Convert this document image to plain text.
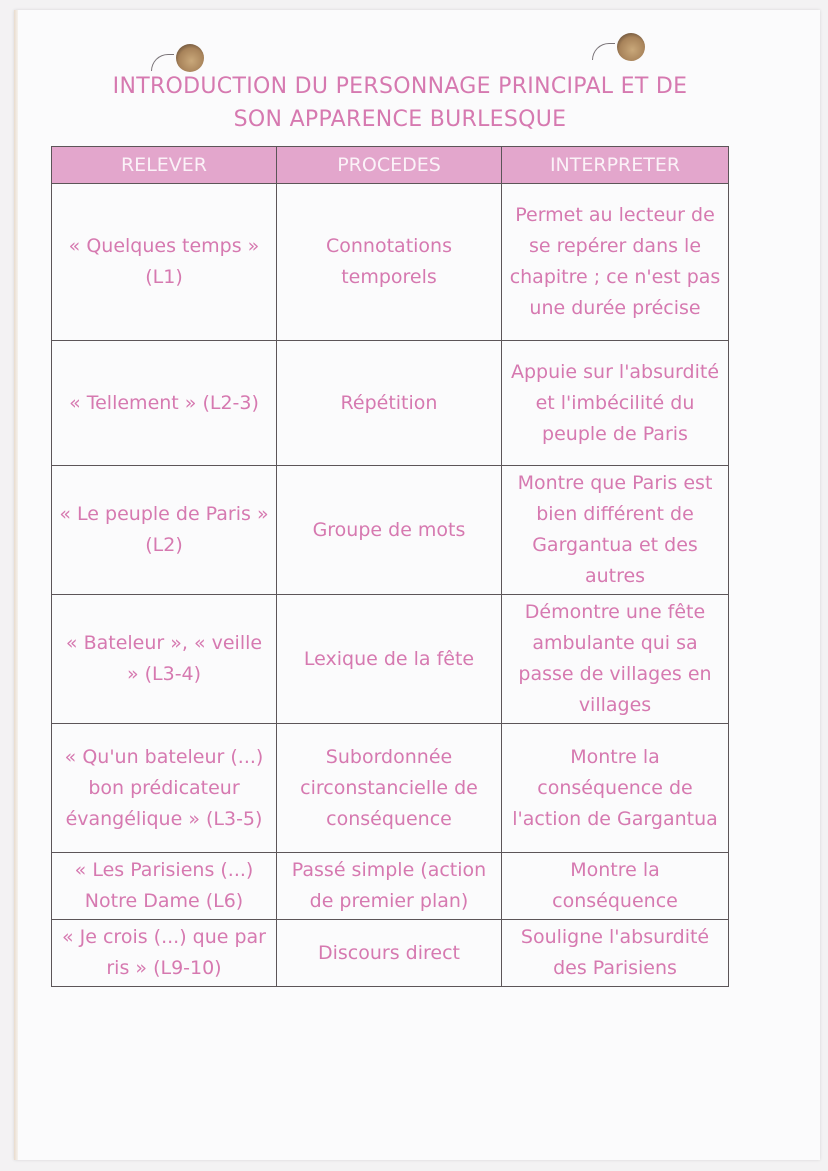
INTRODUCTION DU PERSONNAGE PRINCIPAL ET DE
SON APPARENCE BURLESQUE
RELEVER	PROCEDES	INTERPRETER
« Quelques temps » (L1)	Connotations temporels	Permet au lecteur de se repérer dans le chapitre ; ce n'est pas une durée précise
« Tellement » (L2-3)	Répétition	Appuie sur l'absurdité et l'imbécilité du peuple de Paris
« Le peuple de Paris » (L2)	Groupe de mots	Montre que Paris est bien différent de Gargantua et des autres
« Bateleur », « veille » (L3-4)	Lexique de la fête	Démontre une fête ambulante qui sa passe de villages en villages
« Qu'un bateleur (...) bon prédicateur évangélique » (L3-5)	Subordonnée circonstancielle de conséquence	Montre la conséquence de l'action de Gargantua
« Les Parisiens (...) Notre Dame (L6)	Passé simple (action de premier plan)	Montre la conséquence
« Je crois (...) que par ris » (L9-10)	Discours direct	Souligne l'absurdité des Parisiens
